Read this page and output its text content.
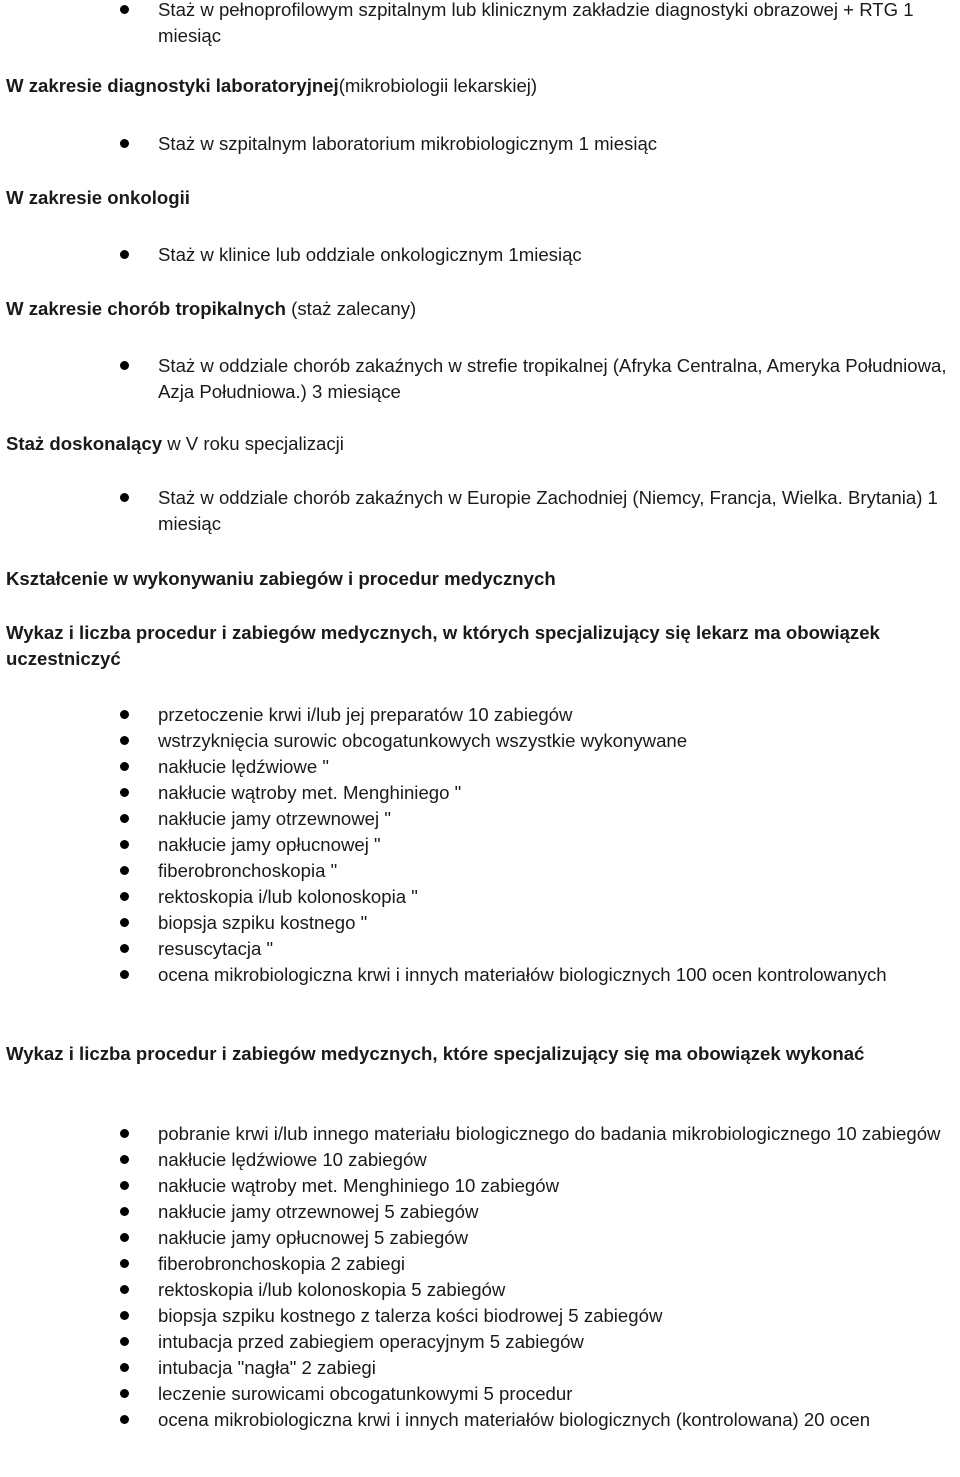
Staż w pełnoprofilowym szpitalnym lub klinicznym zakładzie diagnostyki obrazowej + RTG 1 miesiąc

W zakresie diagnostyki laboratoryjnej(mikrobiologii lekarskiej)

Staż w szpitalnym laboratorium mikrobiologicznym 1 miesiąc

W zakresie onkologii

Staż w klinice lub oddziale onkologicznym 1miesiąc

W zakresie chorób tropikalnych (staż zalecany)

Staż w oddziale chorób zakaźnych w strefie tropikalnej (Afryka Centralna, Ameryka Południowa, Azja Południowa.) 3 miesiące

Staż doskonalący w V roku specjalizacji

Staż w oddziale chorób zakaźnych w Europie Zachodniej (Niemcy, Francja, Wielka. Brytania) 1 miesiąc

Kształcenie w wykonywaniu zabiegów i procedur medycznych

Wykaz i liczba procedur i zabiegów medycznych, w których specjalizujący się lekarz ma obowiązek uczestniczyć

przetoczenie krwi i/lub jej preparatów 10 zabiegów
wstrzyknięcia surowic obcogatunkowych wszystkie wykonywane
nakłucie lędźwiowe "
nakłucie wątroby met. Menghiniego "
nakłucie jamy otrzewnowej "
nakłucie jamy opłucnowej "
fiberobronchoskopia "
rektoskopia i/lub kolonoskopia "
biopsja szpiku kostnego "
resuscytacja "
ocena mikrobiologiczna krwi i innych materiałów biologicznych 100 ocen kontrolowanych

Wykaz i liczba procedur i zabiegów medycznych, które specjalizujący się ma obowiązek wykonać

pobranie krwi i/lub innego materiału biologicznego do badania mikrobiologicznego 10 zabiegów
nakłucie lędźwiowe 10 zabiegów
nakłucie wątroby met. Menghiniego 10 zabiegów
nakłucie jamy otrzewnowej 5 zabiegów
nakłucie jamy opłucnowej 5 zabiegów
fiberobronchoskopia 2 zabiegi
rektoskopia i/lub kolonoskopia 5 zabiegów
biopsja szpiku kostnego z talerza kości biodrowej 5 zabiegów
intubacja przed zabiegiem operacyjnym 5 zabiegów
intubacja "nagła" 2 zabiegi
leczenie surowicami obcogatunkowymi 5 procedur
ocena mikrobiologiczna krwi i innych materiałów biologicznych (kontrolowana) 20 ocen
